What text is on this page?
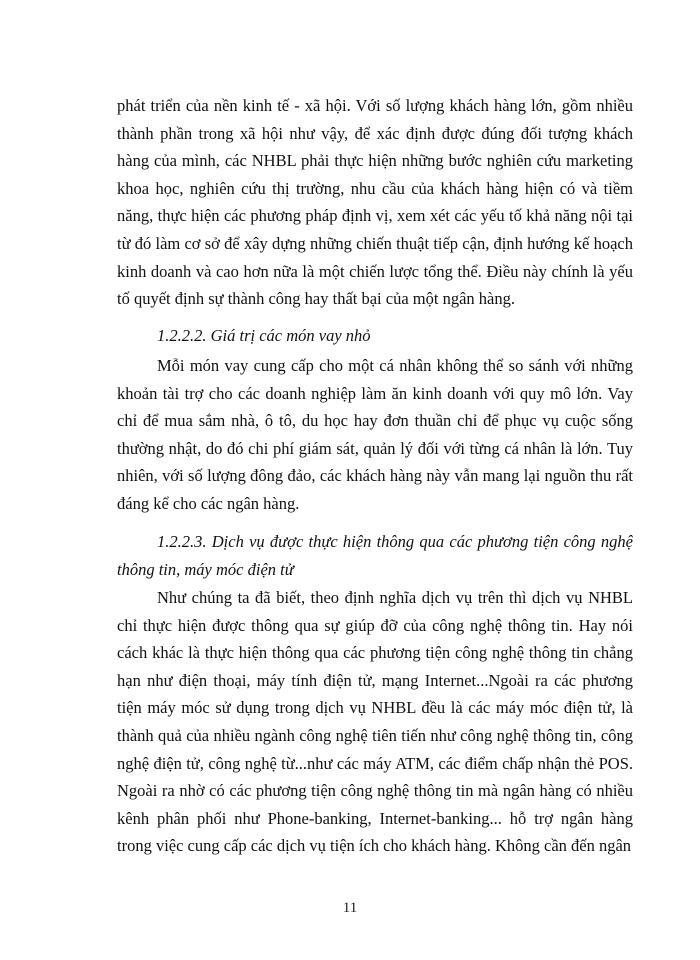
phát triển của nền kinh tế - xã hội. Với số lượng khách hàng lớn, gồm nhiều thành phần trong xã hội như vậy, để xác định được đúng đối tượng khách hàng của mình, các NHBL phải thực hiện những bước nghiên cứu marketing khoa học, nghiên cứu thị trường, nhu cầu của khách hàng hiện có và tiềm năng, thực hiện các phương pháp định vị, xem xét các yếu tố khả năng nội tại từ đó làm cơ sở để xây dựng những chiến thuật tiếp cận, định hướng kế hoạch kinh doanh và cao hơn nữa là một chiến lược tổng thể. Điều này chính là yếu tố quyết định sự thành công hay thất bại của một ngân hàng.

1.2.2.2. Giá trị các món vay nhỏ

Mỗi món vay cung cấp cho một cá nhân không thể so sánh với những khoản tài trợ cho các doanh nghiệp làm ăn kinh doanh với quy mô lớn. Vay chỉ để mua sắm nhà, ô tô, du học hay đơn thuần chỉ để phục vụ cuộc sống thường nhật, do đó chi phí giám sát, quản lý đối với từng cá nhân là lớn. Tuy nhiên, với số lượng đông đảo, các khách hàng này vẫn mang lại nguồn thu rất đáng kể cho các ngân hàng.

1.2.2.3. Dịch vụ được thực hiện thông qua các phương tiện công nghệ thông tin, máy móc điện tử

Như chúng ta đã biết, theo định nghĩa dịch vụ trên thì dịch vụ NHBL chỉ thực hiện được thông qua sự giúp đỡ của công nghệ thông tin. Hay nói cách khác là thực hiện thông qua các phương tiện công nghệ thông tin chẳng hạn như điện thoại, máy tính điện tử, mạng Internet...Ngoài ra các phương tiện máy móc sử dụng trong dịch vụ NHBL đều là các máy móc điện tử, là thành quả của nhiều ngành công nghệ tiên tiến như công nghệ thông tin, công nghệ điện tử, công nghệ từ...như các máy ATM, các điểm chấp nhận thẻ POS. Ngoài ra nhờ có các phương tiện công nghệ thông tin mà ngân hàng có nhiều kênh phân phối như Phone-banking, Internet-banking... hỗ trợ ngân hàng trong việc cung cấp các dịch vụ tiện ích cho khách hàng. Không cần đến ngân

11
